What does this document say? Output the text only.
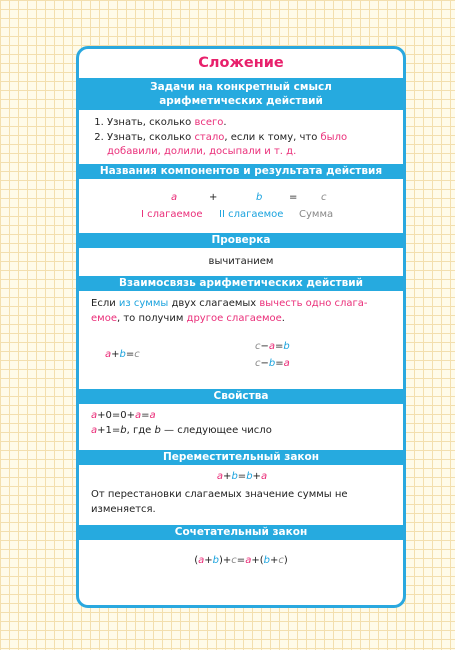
Сложение
Задачи на конкретный смысл
арифметических действий
1. Узнать, сколько всего.
2. Узнать, сколько стало, если к тому, что было
добавили, долили, досыпали и т. д.
Названия компонентов и результата действия
a	+	b	= c
I слагаемое II слагаемое Сумма
Проверка
вычитанием
Взаимосвязь арифметических действий
Если из суммы двух слагаемых вычесть одно слага-
емое, то получим другое слагаемое.
a+b=c
c−a=b
c−b=a
Свойства
a+0=0+a=a
a+1=b, где b — следующее число
Переместительный закон
a+b=b+a
От перестановки слагаемых значение суммы не
изменяется.
Сочетательный закон
(a+b)+c=a+(b+c)
